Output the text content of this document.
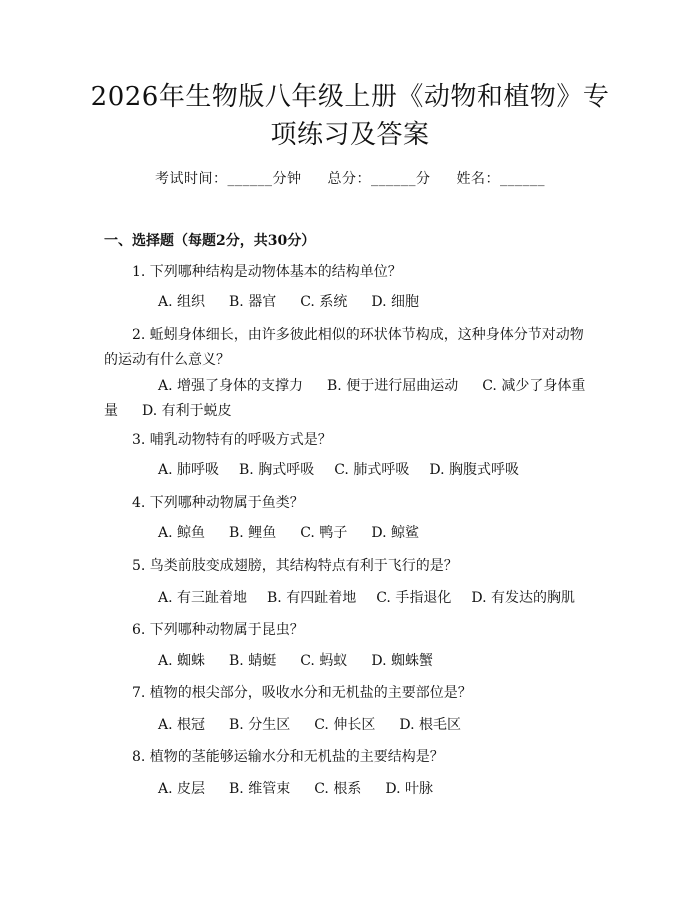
2026年生物版八年级上册《动物和植物》专
项练习及答案
考试时间：______分钟 总分：______分 姓名：______
一、选择题（每题2分，共30分）
1. 下列哪种结构是动物体基本的结构单位？
A. 组织 B. 器官 C. 系统 D. 细胞
2. 蚯蚓身体细长，由许多彼此相似的环状体节构成，这种身体分节对动物的运动有什么意义？
A. 增强了身体的支撑力 B. 便于进行屈曲运动 C. 减少了身体重量 D. 有利于蜕皮
3. 哺乳动物特有的呼吸方式是？
A. 肺呼吸 B. 胸式呼吸 C. 肺式呼吸 D. 胸腹式呼吸
4. 下列哪种动物属于鱼类？
A. 鲸鱼 B. 鲤鱼 C. 鸭子 D. 鲸鲨
5. 鸟类前肢变成翅膀，其结构特点有利于飞行的是？
A. 有三趾着地 B. 有四趾着地 C. 手指退化 D. 有发达的胸肌
6. 下列哪种动物属于昆虫？
A. 蜘蛛 B. 蜻蜓 C. 蚂蚁 D. 蜘蛛蟹
7. 植物的根尖部分，吸收水分和无机盐的主要部位是？
A. 根冠 B. 分生区 C. 伸长区 D. 根毛区
8. 植物的茎能够运输水分和无机盐的主要结构是？
A. 皮层 B. 维管束 C. 根系 D. 叶脉
